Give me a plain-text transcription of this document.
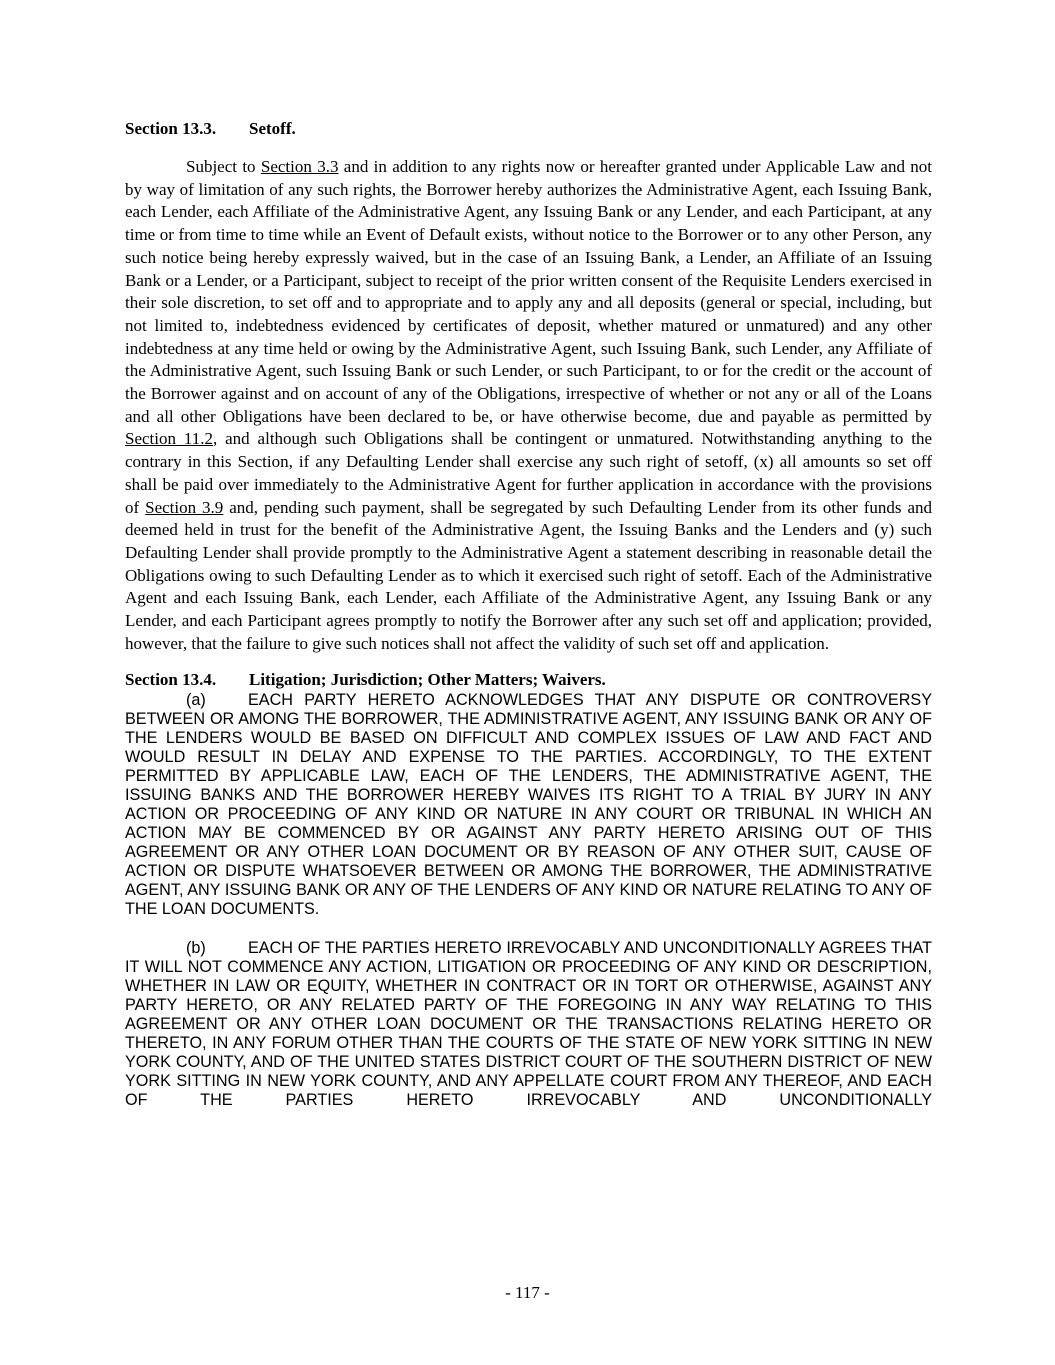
Section 13.3. Setoff.

Subject to Section 3.3 and in addition to any rights now or hereafter granted under Applicable Law and not by way of limitation of any such rights, the Borrower hereby authorizes the Administrative Agent, each Issuing Bank, each Lender, each Affiliate of the Administrative Agent, any Issuing Bank or any Lender, and each Participant, at any time or from time to time while an Event of Default exists, without notice to the Borrower or to any other Person, any such notice being hereby expressly waived, but in the case of an Issuing Bank, a Lender, an Affiliate of an Issuing Bank or a Lender, or a Participant, subject to receipt of the prior written consent of the Requisite Lenders exercised in their sole discretion, to set off and to appropriate and to apply any and all deposits (general or special, including, but not limited to, indebtedness evidenced by certificates of deposit, whether matured or unmatured) and any other indebtedness at any time held or owing by the Administrative Agent, such Issuing Bank, such Lender, any Affiliate of the Administrative Agent, such Issuing Bank or such Lender, or such Participant, to or for the credit or the account of the Borrower against and on account of any of the Obligations, irrespective of whether or not any or all of the Loans and all other Obligations have been declared to be, or have otherwise become, due and payable as permitted by Section 11.2, and although such Obligations shall be contingent or unmatured. Notwithstanding anything to the contrary in this Section, if any Defaulting Lender shall exercise any such right of setoff, (x) all amounts so set off shall be paid over immediately to the Administrative Agent for further application in accordance with the provisions of Section 3.9 and, pending such payment, shall be segregated by such Defaulting Lender from its other funds and deemed held in trust for the benefit of the Administrative Agent, the Issuing Banks and the Lenders and (y) such Defaulting Lender shall provide promptly to the Administrative Agent a statement describing in reasonable detail the Obligations owing to such Defaulting Lender as to which it exercised such right of setoff. Each of the Administrative Agent and each Issuing Bank, each Lender, each Affiliate of the Administrative Agent, any Issuing Bank or any Lender, and each Participant agrees promptly to notify the Borrower after any such set off and application; provided, however, that the failure to give such notices shall not affect the validity of such set off and application.

Section 13.4. Litigation; Jurisdiction; Other Matters; Waivers.

(a)	EACH PARTY HERETO ACKNOWLEDGES THAT ANY DISPUTE OR CONTROVERSY BETWEEN OR AMONG THE BORROWER, THE ADMINISTRATIVE AGENT, ANY ISSUING BANK OR ANY OF THE LENDERS WOULD BE BASED ON DIFFICULT AND COMPLEX ISSUES OF LAW AND FACT AND WOULD RESULT IN DELAY AND EXPENSE TO THE PARTIES. ACCORDINGLY, TO THE EXTENT PERMITTED BY APPLICABLE LAW, EACH OF THE LENDERS, THE ADMINISTRATIVE AGENT, THE ISSUING BANKS AND THE BORROWER HEREBY WAIVES ITS RIGHT TO A TRIAL BY JURY IN ANY ACTION OR PROCEEDING OF ANY KIND OR NATURE IN ANY COURT OR TRIBUNAL IN WHICH AN ACTION MAY BE COMMENCED BY OR AGAINST ANY PARTY HERETO ARISING OUT OF THIS AGREEMENT OR ANY OTHER LOAN DOCUMENT OR BY REASON OF ANY OTHER SUIT, CAUSE OF ACTION OR DISPUTE WHATSOEVER BETWEEN OR AMONG THE BORROWER, THE ADMINISTRATIVE AGENT, ANY ISSUING BANK OR ANY OF THE LENDERS OF ANY KIND OR NATURE RELATING TO ANY OF THE LOAN DOCUMENTS.

(b)	EACH OF THE PARTIES HERETO IRREVOCABLY AND UNCONDITIONALLY AGREES THAT IT WILL NOT COMMENCE ANY ACTION, LITIGATION OR PROCEEDING OF ANY KIND OR DESCRIPTION, WHETHER IN LAW OR EQUITY, WHETHER IN CONTRACT OR IN TORT OR OTHERWISE, AGAINST ANY PARTY HERETO, OR ANY RELATED PARTY OF THE FOREGOING IN ANY WAY RELATING TO THIS AGREEMENT OR ANY OTHER LOAN DOCUMENT OR THE TRANSACTIONS RELATING HERETO OR THERETO, IN ANY FORUM OTHER THAN THE COURTS OF THE STATE OF NEW YORK SITTING IN NEW YORK COUNTY, AND OF THE UNITED STATES DISTRICT COURT OF THE SOUTHERN DISTRICT OF NEW YORK SITTING IN NEW YORK COUNTY, AND ANY APPELLATE COURT FROM ANY THEREOF, AND EACH OF THE PARTIES HERETO IRREVOCABLY AND UNCONDITIONALLY

- 117 -
